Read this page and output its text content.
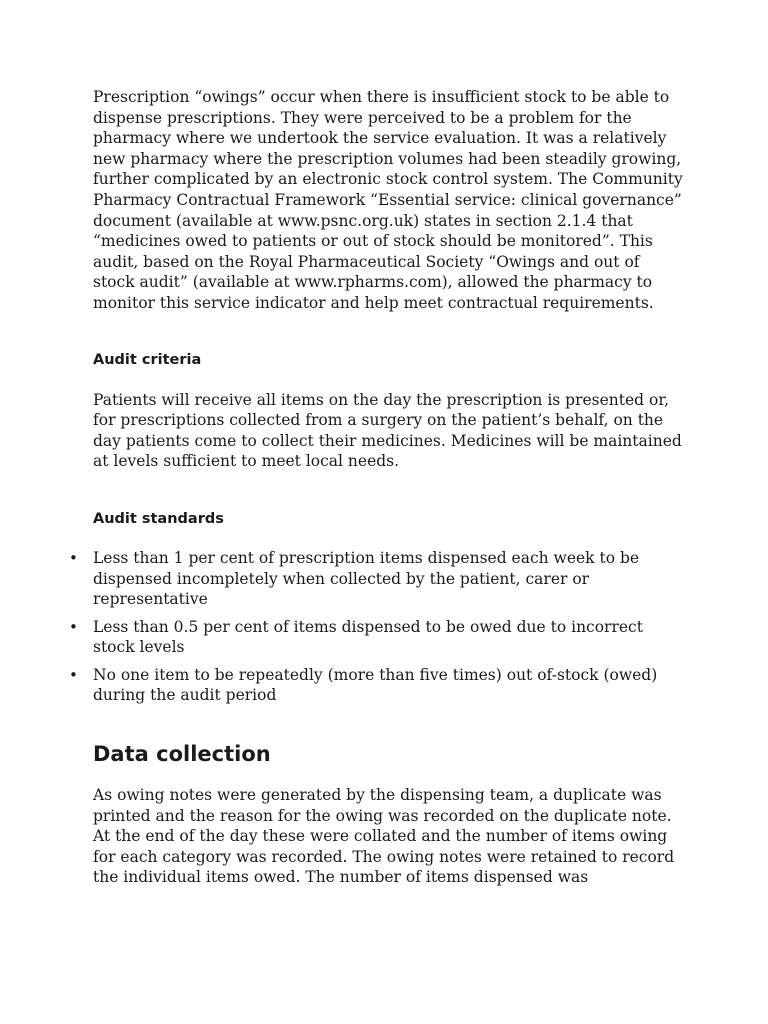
Prescription “owings” occur when there is insufficient stock to be able to dispense prescriptions. They were perceived to be a problem for the pharmacy where we undertook the service evaluation. It was a relatively new pharmacy where the prescription volumes had been steadily growing, further complicated by an electronic stock control system. The Community Pharmacy Contractual Framework “Essential service: clinical governance” document (available at www.psnc.org.uk) states in section 2.1.4 that “medicines owed to patients or out of stock should be monitored”. This audit, based on the Royal Pharmaceutical Society “Owings and out of stock audit” (available at www.rpharms.com), allowed the pharmacy to monitor this service indicator and help meet contractual requirements.

Audit criteria

Patients will receive all items on the day the prescription is presented or, for prescriptions collected from a surgery on the patient’s behalf, on the day patients come to collect their medicines. Medicines will be maintained at levels sufficient to meet local needs.

Audit standards
• Less than 1 per cent of prescription items dispensed each week to be dispensed incompletely when collected by the patient, carer or representative
• Less than 0.5 per cent of items dispensed to be owed due to incorrect stock levels
• No one item to be repeatedly (more than five times) out of-stock (owed) during the audit period
Data collection

As owing notes were generated by the dispensing team, a duplicate was printed and the reason for the owing was recorded on the duplicate note. At the end of the day these were collated and the number of items owing for each category was recorded. The owing notes were retained to record the individual items owed. The number of items dispensed was
